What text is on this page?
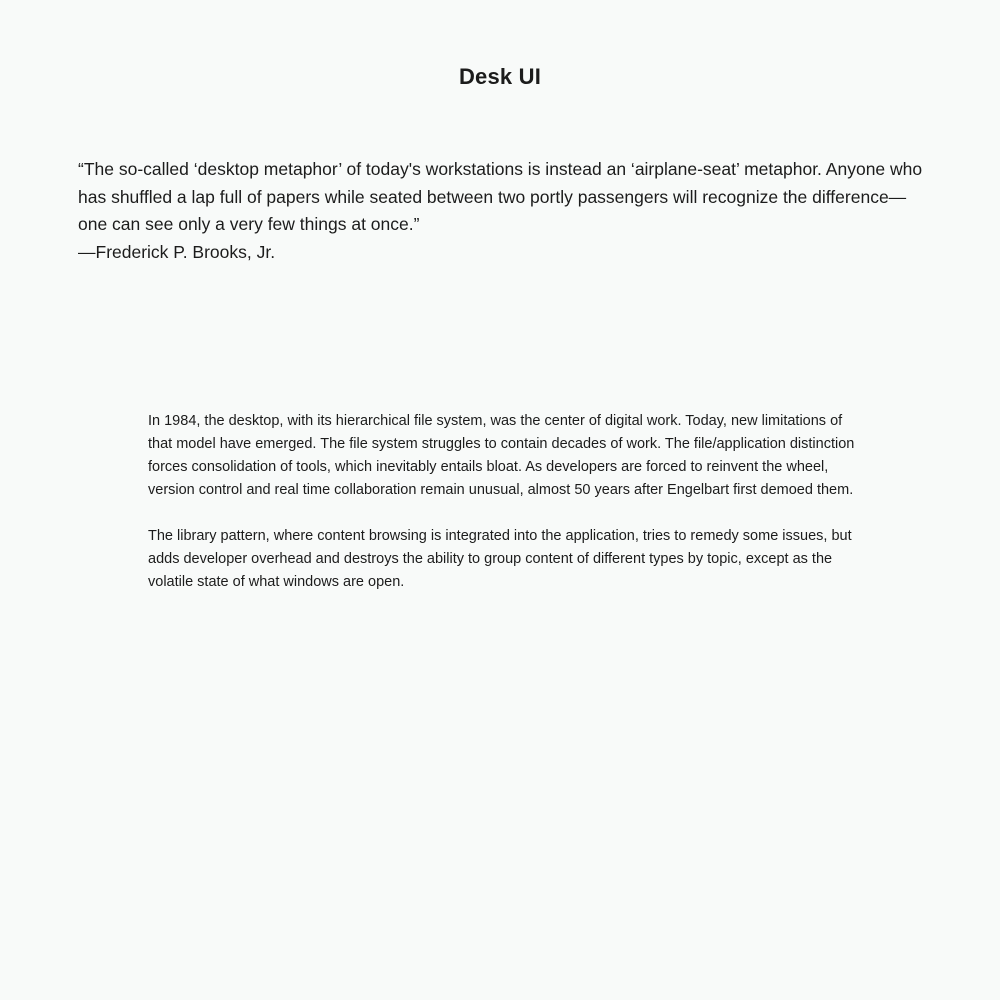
Desk UI
“The so-called ‘desktop metaphor’ of today's workstations is instead an ‘airplane-seat’ metaphor. Anyone who has shuffled a lap full of papers while seated between two portly passengers will recognize the difference—one can see only a very few things at once.”
—Frederick P. Brooks, Jr.

In 1984, the desktop, with its hierarchical file system, was the center of digital work. Today, new limitations of that model have emerged. The file system struggles to contain decades of work. The file/application distinction forces consolidation of tools, which inevitably entails bloat. As developers are forced to reinvent the wheel, version control and real time collaboration remain unusual, almost 50 years after Engelbart first demoed them.

The library pattern, where content browsing is integrated into the application, tries to remedy some issues, but adds developer overhead and destroys the ability to group content of different types by topic, except as the volatile state of what windows are open.
